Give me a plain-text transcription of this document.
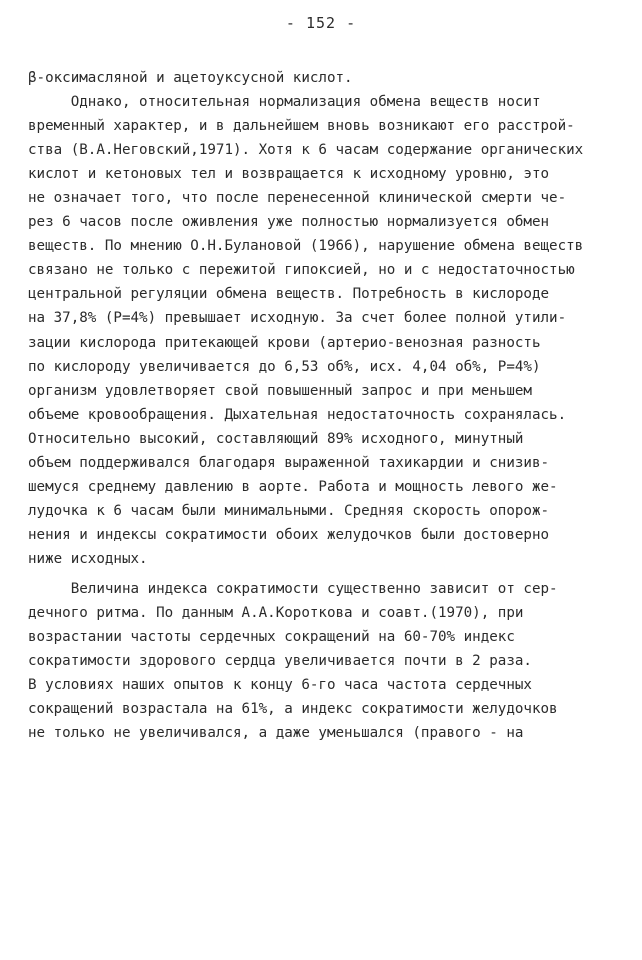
- 152 -
β-оксимасляной и ацетоуксусной кислот.
Однако, относительная нормализация обмена веществ носит
временный характер, и в дальнейшем вновь возникают его расстрой-
ства (В.А.Неговский,1971). Хотя к 6 часам содержание органических
кислот и кетоновых тел и возвращается к исходному уровню, это
не означает того, что после перенесенной клинической смерти че-
рез 6 часов после оживления уже полностью нормализуется обмен
веществ. По мнению О.Н.Булановой (1966), нарушение обмена веществ
связано не только с пережитой гипоксией, но и с недостаточностью
центральной регуляции обмена веществ. Потребность в кислороде
на 37,8% (Р=4%) превышает исходную. За счет более полной утили-
зации кислорода притекающей крови (артерио-венозная разность
по кислороду увеличивается до 6,53 об%, исх. 4,04 об%, Р=4%)
организм удовлетворяет свой повышенный запрос и при меньшем
объеме кровообращения. Дыхательная недостаточность сохранялась.
Относительно высокий, составляющий 89% исходного, минутный
объем поддерживался благодаря выраженной тахикардии и снизив-
шемуся среднему давлению в аорте. Работа и мощность левого же-
лудочка к 6 часам были минимальными. Средняя скорость опорож-
нения и индексы сократимости обоих желудочков были достоверно
ниже исходных.
Величина индекса сократимости существенно зависит от сер-
дечного ритма. По данным А.А.Короткова и соавт.(1970), при
возрастании частоты сердечных сокращений на 60-70% индекс
сократимости здорового сердца увеличивается почти в 2 раза.
В условиях наших опытов к концу 6-го часа частота сердечных
сокращений возрастала на 61%, а индекс сократимости желудочков
не только не увеличивался, а даже уменьшался (правого - на
